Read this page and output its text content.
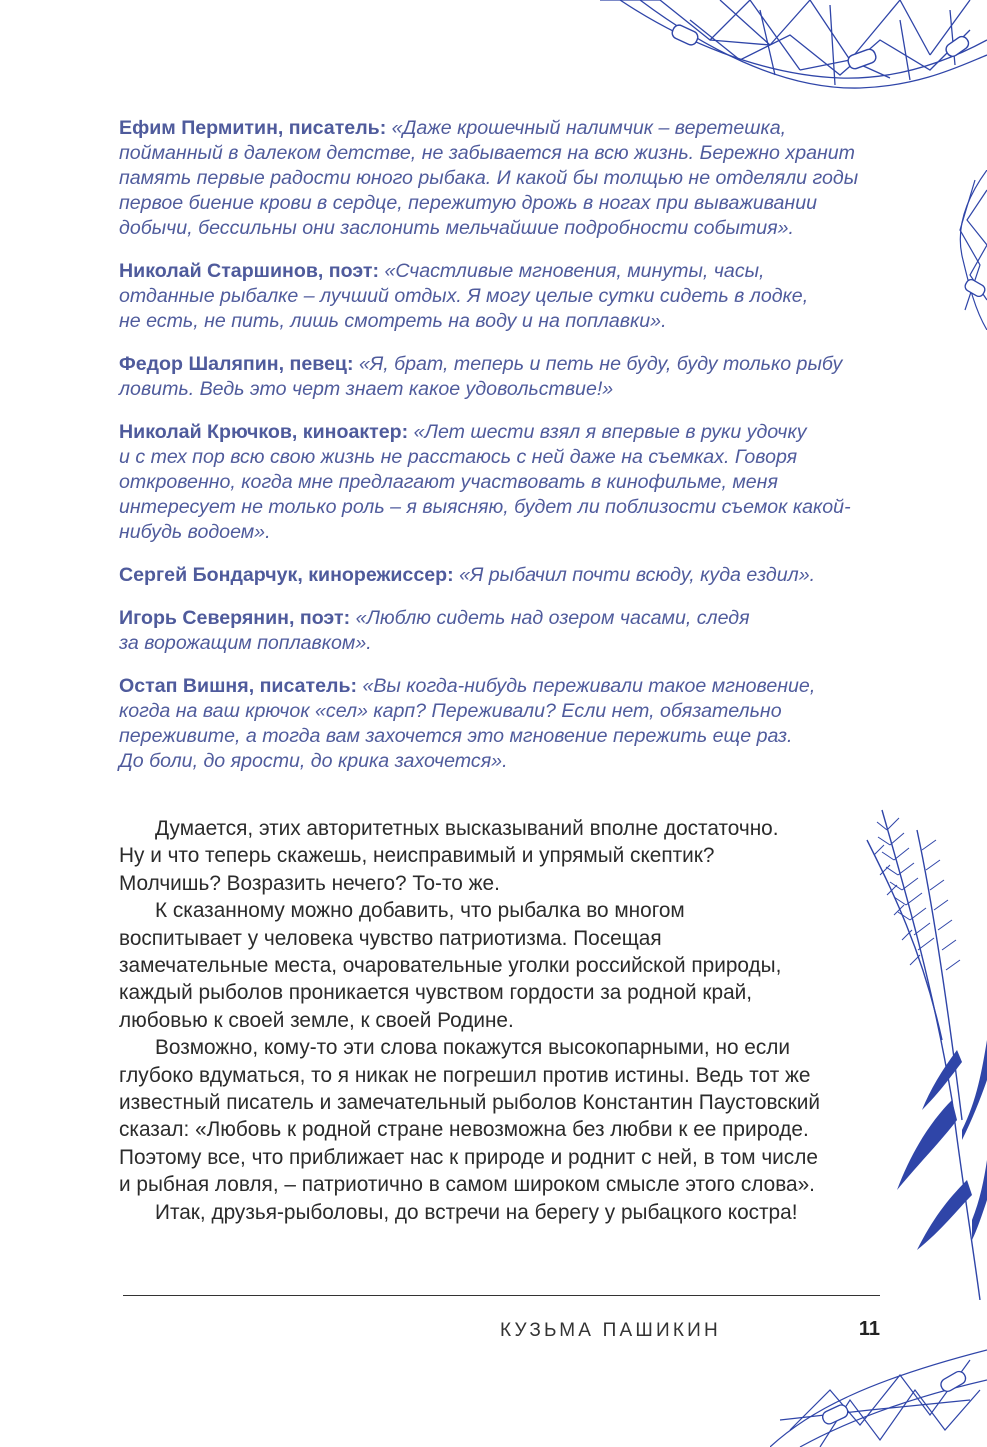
Ефим Пермитин, писатель: «Даже крошечный налимчик – веретешка,
пойманный в далеком детстве, не забывается на всю жизнь. Бережно хранит
память первые радости юного рыбака. И какой бы толщью не отделяли годы
первое биение крови в сердце, пережитую дрожь в ногах при вываживании
добычи, бессильны они заслонить мельчайшие подробности события».

Николай Старшинов, поэт: «Счастливые мгновения, минуты, часы,
отданные рыбалке – лучший отдых. Я могу целые сутки сидеть в лодке,
не есть, не пить, лишь смотреть на воду и на поплавки».

Федор Шаляпин, певец: «Я, брат, теперь и петь не буду, буду только рыбу
ловить. Ведь это черт знает какое удовольствие!»

Николай Крючков, киноактер: «Лет шести взял я впервые в руки удочку
и с тех пор всю свою жизнь не расстаюсь с ней даже на съемках. Говоря
откровенно, когда мне предлагают участвовать в кинофильме, меня
интересует не только роль – я выясняю, будет ли поблизости съемок какой-
нибудь водоем».

Сергей Бондарчук, кинорежиссер: «Я рыбачил почти всюду, куда ездил».

Игорь Северянин, поэт: «Люблю сидеть над озером часами, следя
за ворожащим поплавком».

Остап Вишня, писатель: «Вы когда-нибудь переживали такое мгновение,
когда на ваш крючок «сел» карп? Переживали? Если нет, обязательно
переживите, а тогда вам захочется это мгновение пережить еще раз.
До боли, до ярости, до крика захочется».

Думается, этих авторитетных высказываний вполне достаточно.
Ну и что теперь скажешь, неисправимый и упрямый скептик?
Молчишь? Возразить нечего? То-то же.

К сказанному можно добавить, что рыбалка во многом
воспитывает у человека чувство патриотизма. Посещая
замечательные места, очаровательные уголки российской природы,
каждый рыболов проникается чувством гордости за родной край,
любовью к своей земле, к своей Родине.

Возможно, кому-то эти слова покажутся высокопарными, но если
глубоко вдуматься, то я никак не погрешил против истины. Ведь тот же
известный писатель и замечательный рыболов Константин Паустовский
сказал: «Любовь к родной стране невозможна без любви к ее природе.
Поэтому все, что приближает нас к природе и роднит с ней, в том числе
и рыбная ловля, – патриотично в самом широком смысле этого слова».

Итак, друзья-рыболовы, до встречи на берегу у рыбацкого костра!

КУЗЬМА ПАШИКИН	11
